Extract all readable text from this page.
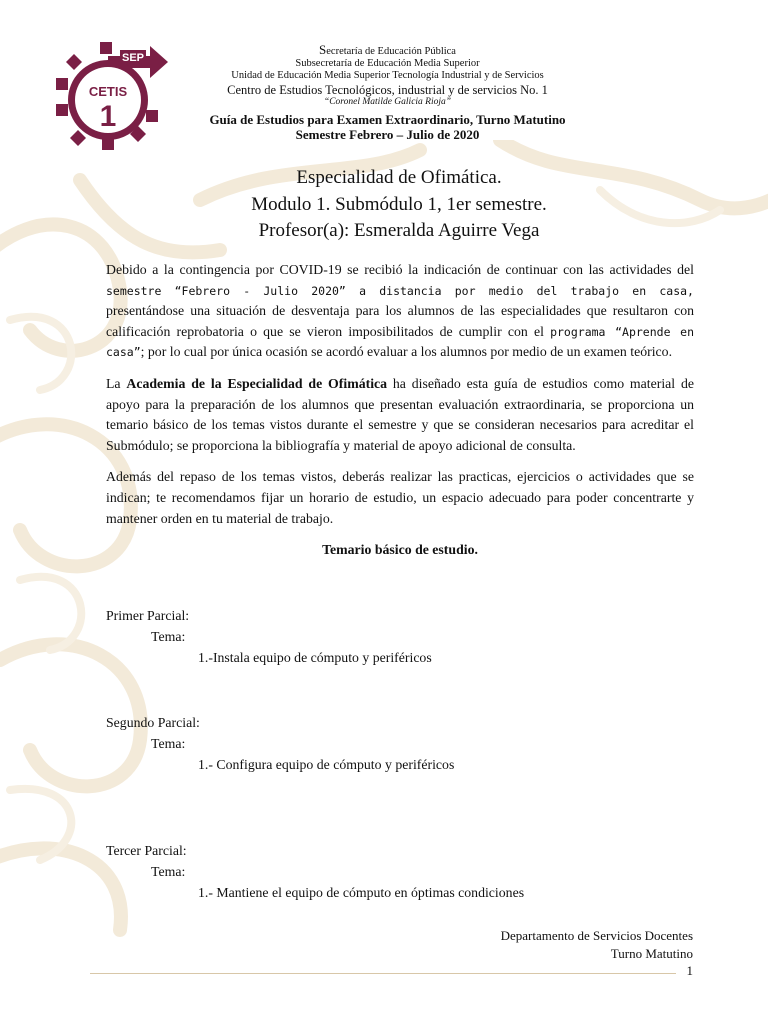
SEP
CETIS
1
Secretaría de Educación Pública
Subsecretaría de Educación Media Superior
Unidad de Educación Media Superior Tecnología Industrial y de Servicios
Centro de Estudios Tecnológicos, industrial y de servicios No. 1
“Coronel Matilde Galicia Rioja”
Guía de Estudios para Examen Extraordinario, Turno Matutino
Semestre Febrero – Julio de 2020
Especialidad de Ofimática.
Modulo 1. Submódulo 1, 1er semestre.
Profesor(a): Esmeralda Aguirre Vega

Debido a la contingencia por COVID-19 se recibió la indicación de continuar con las actividades del semestre “Febrero - Julio 2020” a distancia por medio del trabajo en casa, presentándose una situación de desventaja para los alumnos de las especialidades que resultaron con calificación reprobatoria o que se vieron imposibilitados de cumplir con el programa “Aprende en casa”; por lo cual por única ocasión se acordó evaluar a los alumnos por medio de un examen teórico.

La Academia de la Especialidad de Ofimática ha diseñado esta guía de estudios como material de apoyo para la preparación de los alumnos que presentan evaluación extraordinaria, se proporciona un temario básico de los temas vistos durante el semestre y que se consideran necesarios para acreditar el Submódulo; se proporciona la bibliografía y material de apoyo adicional de consulta.

Además del repaso de los temas vistos, deberás realizar las practicas, ejercicios o actividades que se indican; te recomendamos fijar un horario de estudio, un espacio adecuado para poder concentrarte y mantener orden en tu material de trabajo.

Temario básico de estudio.

Primer Parcial:
Tema:
1.-Instala equipo de cómputo y periféricos
Segundo Parcial:
Tema:
1.- Configura equipo de cómputo y periféricos
Tercer Parcial:
Tema:
1.- Mantiene el equipo de cómputo en óptimas condiciones
Departamento de Servicios Docentes
Turno Matutino
1
